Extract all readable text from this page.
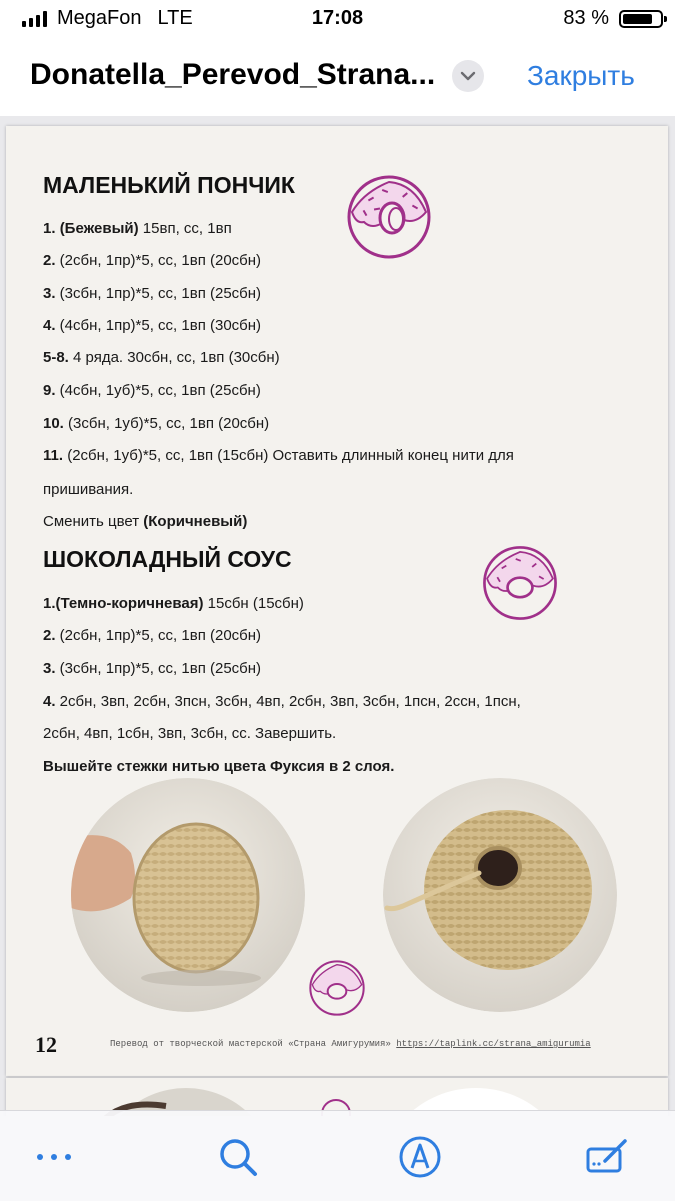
MegaFon LTE	17:08	83 %
Donatella_Perevod_Strana...	Закрыть
МАЛЕНЬКИЙ ПОНЧИК
1. (Бежевый) 15вп, сс, 1вп
2. (2сбн, 1пр)*5, сс, 1вп (20сбн)
3. (3сбн, 1пр)*5, сс, 1вп (25сбн)
4. (4сбн, 1пр)*5, сс, 1вп (30сбн)
5-8. 4 ряда. 30сбн, сс, 1вп (30сбн)
9. (4сбн, 1уб)*5, сс, 1вп (25сбн)
10. (3сбн, 1уб)*5, сс, 1вп (20сбн)
11. (2сбн, 1уб)*5, сс, 1вп (15сбн) Оставить длинный конец нити для
пришивания.
Сменить цвет (Коричневый)
ШОКОЛАДНЫЙ СОУС
1.(Темно-коричневая) 15сбн (15сбн)
2. (2сбн, 1пр)*5, сс, 1вп (20сбн)
3. (3сбн, 1пр)*5, сс, 1вп (25сбн)
4. 2сбн, 3вп, 2сбн, 3псн, 3сбн, 4вп, 2сбн, 3вп, 3сбн, 1псн, 2ссн, 1псн,
2сбн, 4вп, 1сбн, 3вп, 3сбн, сс. Завершить.
Вышейте стежки нитью цвета Фуксия в 2 слоя.
12	Перевод от творческой мастерской «Страна Амигурумия» https://taplink.cc/strana_amigurumia
